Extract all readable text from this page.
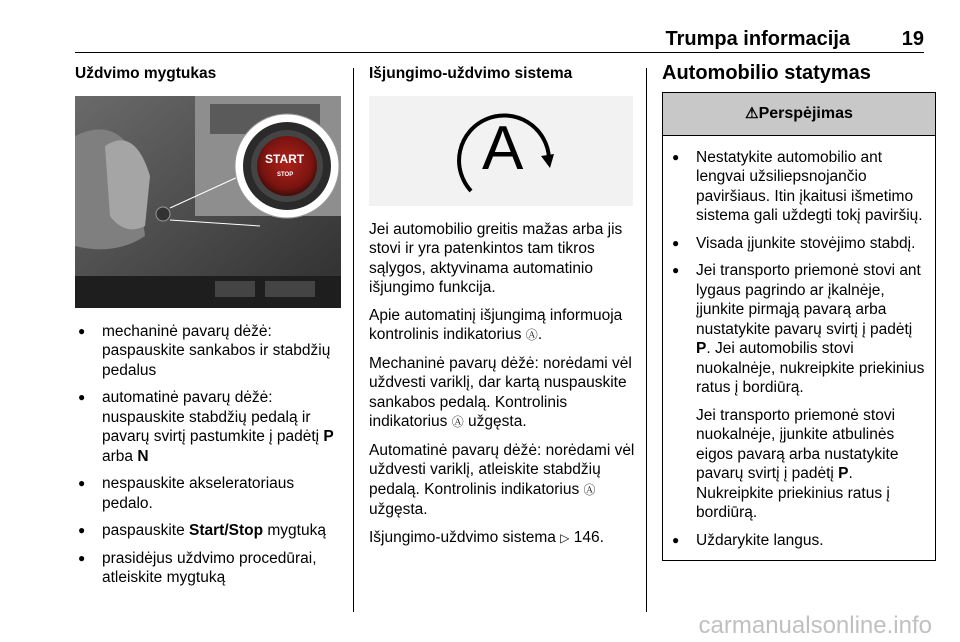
Trumpa informacija	19
Uždvimo mygtukas
START
STOP
● mechaninė pavarų dėžė: paspauskite sankabos ir stabdžių pedalus
● automatinė pavarų dėžė: nuspauskite stabdžių pedalą ir pavarų svirtį pastumkite į padėtį P arba N
● nespauskite akseleratoriaus pedalo.
● paspauskite Start/Stop mygtuką
● prasidėjus uždvimo procedūrai, atleiskite mygtuką
Išjungimo-uždvimo sistema
A

Jei automobilio greitis mažas arba jis stovi ir yra patenkintos tam tikros sąlygos, aktyvinama automatinio išjungimo funkcija.

Apie automatinį išjungimą informuoja kontrolinis indikatorius Ⓐ.

Mechaninė pavarų dėžė: norėdami vėl uždvesti variklį, dar kartą nuspauskite sankabos pedalą. Kontrolinis indikatorius Ⓐ užgęsta.

Automatinė pavarų dėžė: norėdami vėl uždvesti variklį, atleiskite stabdžių pedalą. Kontrolinis indikatorius Ⓐ
užgęsta.

Išjungimo-uždvimo sistema ▷ 146.

Automobilio statymas
⚠Perspėjimas
● Nestatykite automobilio ant lengvai užsiliepsnojančio paviršiaus. Itin įkaitusi išmetimo sistema gali uždegti tokį paviršių.
● Visada įjunkite stovėjimo stabdį.
● Jei transporto priemonė stovi ant lygaus pagrindo ar įkalnėje, įjunkite pirmąją pavarą arba nustatykite pavarų svirtį į padėtį P. Jei automobilis stovi nuokalnėje, nukreipkite priekinius ratus į bordiūrą.
Jei transporto priemonė stovi nuokalnėje, įjunkite atbulinės eigos pavarą arba nustatykite pavarų svirtį į padėtį P. Nukreipkite priekinius ratus į bordiūrą.
● Uždarykite langus.
carmanualsonline.info
